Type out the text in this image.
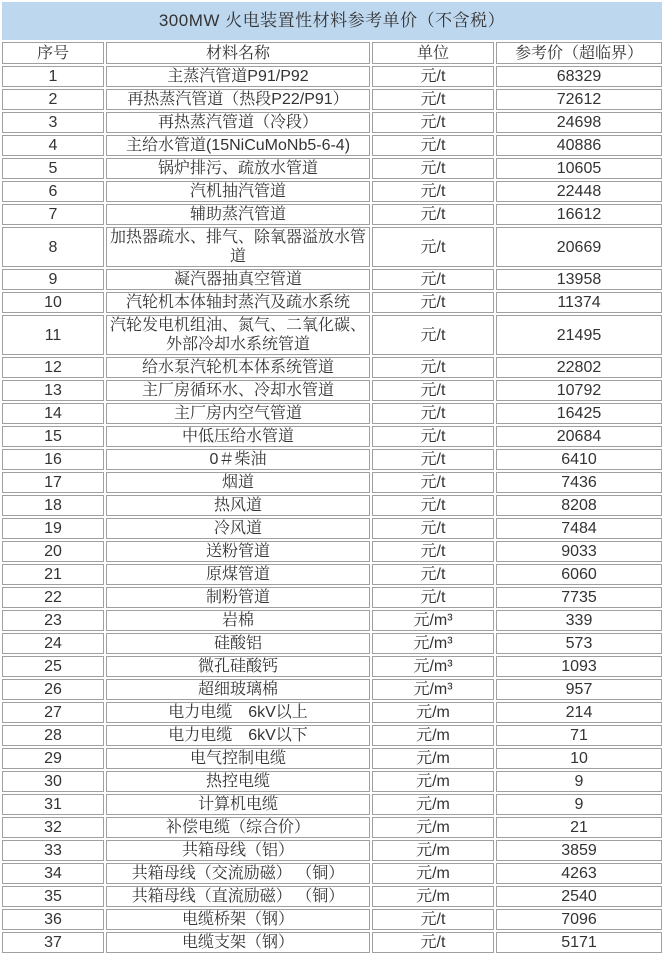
300MW 火电装置性材料参考单价（不含税）
序号	材料名称	单位	参考价（超临界）
1	主蒸汽管道P91/P92	元/t	68329
2	再热蒸汽管道（热段P22/P91）	元/t	72612
3	再热蒸汽管道（冷段）	元/t	24698
4	主给水管道(15NiCuMoNb5-6-4)	元/t	40886
5	锅炉排污、疏放水管道	元/t	10605
6	汽机抽汽管道	元/t	22448
7	辅助蒸汽管道	元/t	16612
8	加热器疏水、排气、除氧器溢放水管道	元/t	20669
9	凝汽器抽真空管道	元/t	13958
10	汽轮机本体轴封蒸汽及疏水系统	元/t	11374
11	汽轮发电机组油、氮气、二氧化碳、外部冷却水系统管道	元/t	21495
12	给水泵汽轮机本体系统管道	元/t	22802
13	主厂房循环水、冷却水管道	元/t	10792
14	主厂房内空气管道	元/t	16425
15	中低压给水管道	元/t	20684
16	0＃柴油	元/t	6410
17	烟道	元/t	7436
18	热风道	元/t	8208
19	冷风道	元/t	7484
20	送粉管道	元/t	9033
21	原煤管道	元/t	6060
22	制粉管道	元/t	7735
23	岩棉	元/m³	339
24	硅酸铝	元/m³	573
25	微孔硅酸钙	元/m³	1093
26	超细玻璃棉	元/m³	957
27	电力电缆　6kV以上	元/m	214
28	电力电缆　6kV以下	元/m	71
29	电气控制电缆	元/m	10
30	热控电缆	元/m	9
31	计算机电缆	元/m	9
32	补偿电缆（综合价）	元/m	21
33	共箱母线（铝）	元/m	3859
34	共箱母线（交流励磁） （铜）	元/m	4263
35	共箱母线（直流励磁） （铜）	元/m	2540
36	电缆桥架（钢）	元/t	7096
37	电缆支架（钢）	元/t	5171
